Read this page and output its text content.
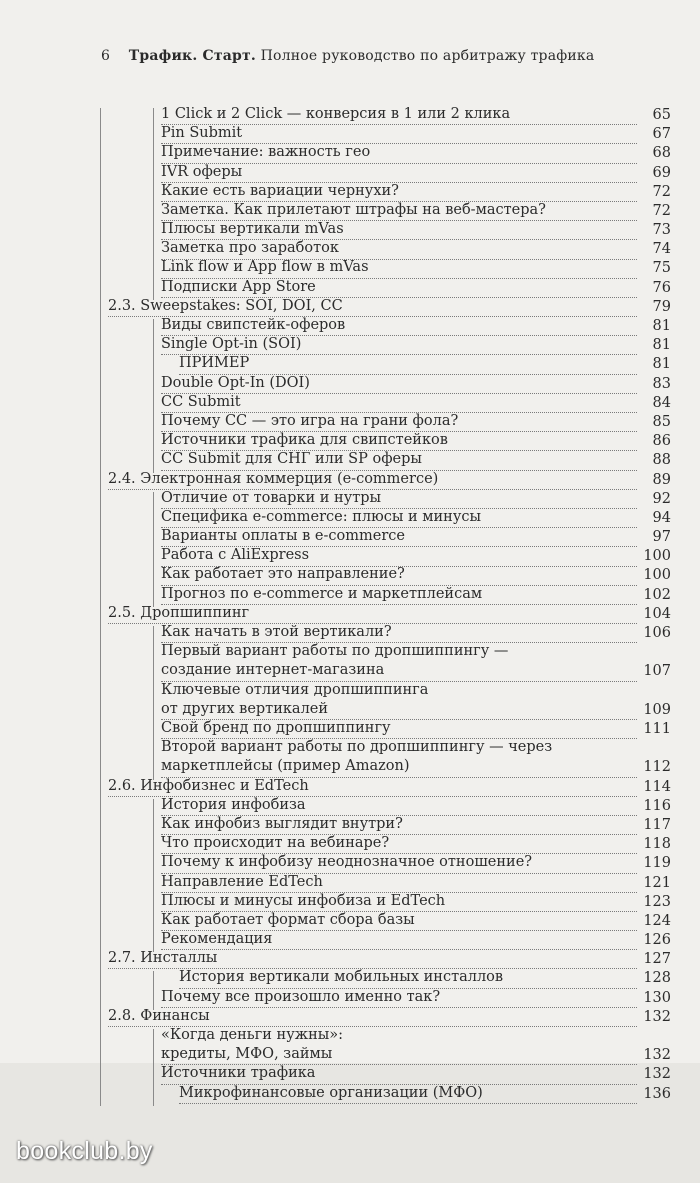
6 Трафик. Старт. Полное руководство по арбитражу трафика
1 Click и 2 Click — конверсия в 1 или 2 клика	65
Pin Submit	67
Примечание: важность гео	68
IVR оферы	69
Какие есть вариации чернухи?	72
Заметка. Как прилетают штрафы на веб-мастера?	72
Плюсы вертикали mVas	73
Заметка про заработок	74
Link flow и App flow в mVas	75
Подписки App Store	76
2.3. Sweepstakes: SOI, DOI, CC	79
Виды свипстейк-оферов	81
Single Opt-in (SOI)	81
ПРИМЕР	81
Double Opt-In (DOI)	83
CC Submit	84
Почему CC — это игра на грани фола?	85
Источники трафика для свипстейков	86
CC Submit для СНГ или SP оферы	88
2.4. Электронная коммерция (e-commerce)	89
Отличие от товарки и нутры	92
Специфика e-commerce: плюсы и минусы	94
Варианты оплаты в e-commerce	97
Работа с AliExpress	100
Как работает это направление?	100
Прогноз по e-commerce и маркетплейсам	102
2.5. Дропшиппинг	104
Как начать в этой вертикали?	106
Первый вариант работы по дропшиппингу —
создание интернет-магазина	107
Ключевые отличия дропшиппинга
от других вертикалей	109
Свой бренд по дропшиппингу	111
Второй вариант работы по дропшиппингу — через
маркетплейсы (пример Amazon)	112
2.6. Инфобизнес и EdTech	114
История инфобиза	116
Как инфобиз выглядит внутри?	117
Что происходит на вебинаре?	118
Почему к инфобизу неоднозначное отношение?	119
Направление EdTech	121
Плюсы и минусы инфобиза и EdTech	123
Как работает формат сбора базы	124
Рекомендация	126
2.7. Инсталлы	127
История вертикали мобильных инсталлов	128
Почему все произошло именно так?	130
2.8. Финансы	132
«Когда деньги нужны»:
кредиты, МФО, займы	132
Источники трафика	132
Микрофинансовые организации (МФО)	136
bookclub.by
